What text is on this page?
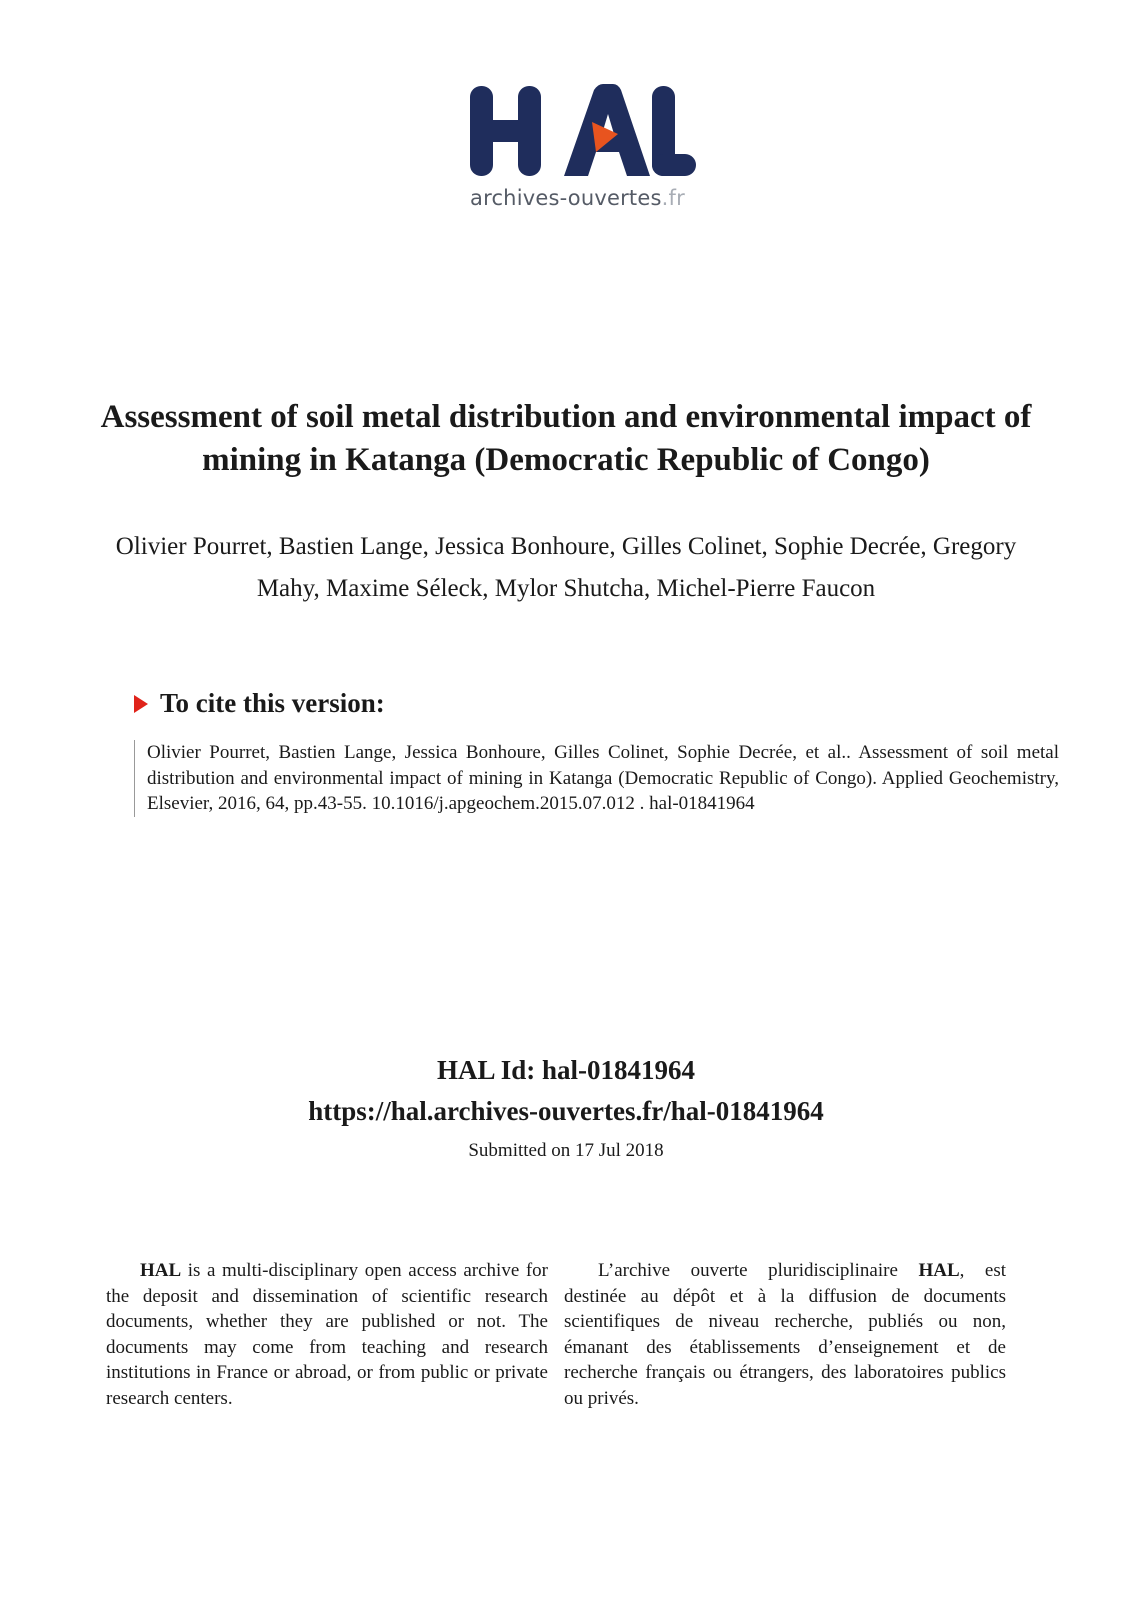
archives-ouvertes.fr
Assessment of soil metal distribution and environmental impact of mining in Katanga (Democratic Republic of Congo)

Olivier Pourret, Bastien Lange, Jessica Bonhoure, Gilles Colinet, Sophie Decrée, Gregory Mahy, Maxime Séleck, Mylor Shutcha, Michel-Pierre Faucon

To cite this version:
Olivier Pourret, Bastien Lange, Jessica Bonhoure, Gilles Colinet, Sophie Decrée, et al.. Assessment of soil metal distribution and environmental impact of mining in Katanga (Democratic Republic of Congo). Applied Geochemistry, Elsevier, 2016, 64, pp.43-55. 10.1016/j.apgeochem.2015.07.012 . hal-01841964
HAL Id: hal-01841964
https://hal.archives-ouvertes.fr/hal-01841964
Submitted on 17 Jul 2018

HAL is a multi-disciplinary open access archive for the deposit and dissemination of scientific research documents, whether they are published or not. The documents may come from teaching and research institutions in France or abroad, or from public or private research centers.

L’archive ouverte pluridisciplinaire HAL, est destinée au dépôt et à la diffusion de documents scientifiques de niveau recherche, publiés ou non, émanant des établissements d’enseignement et de recherche français ou étrangers, des laboratoires publics ou privés.
